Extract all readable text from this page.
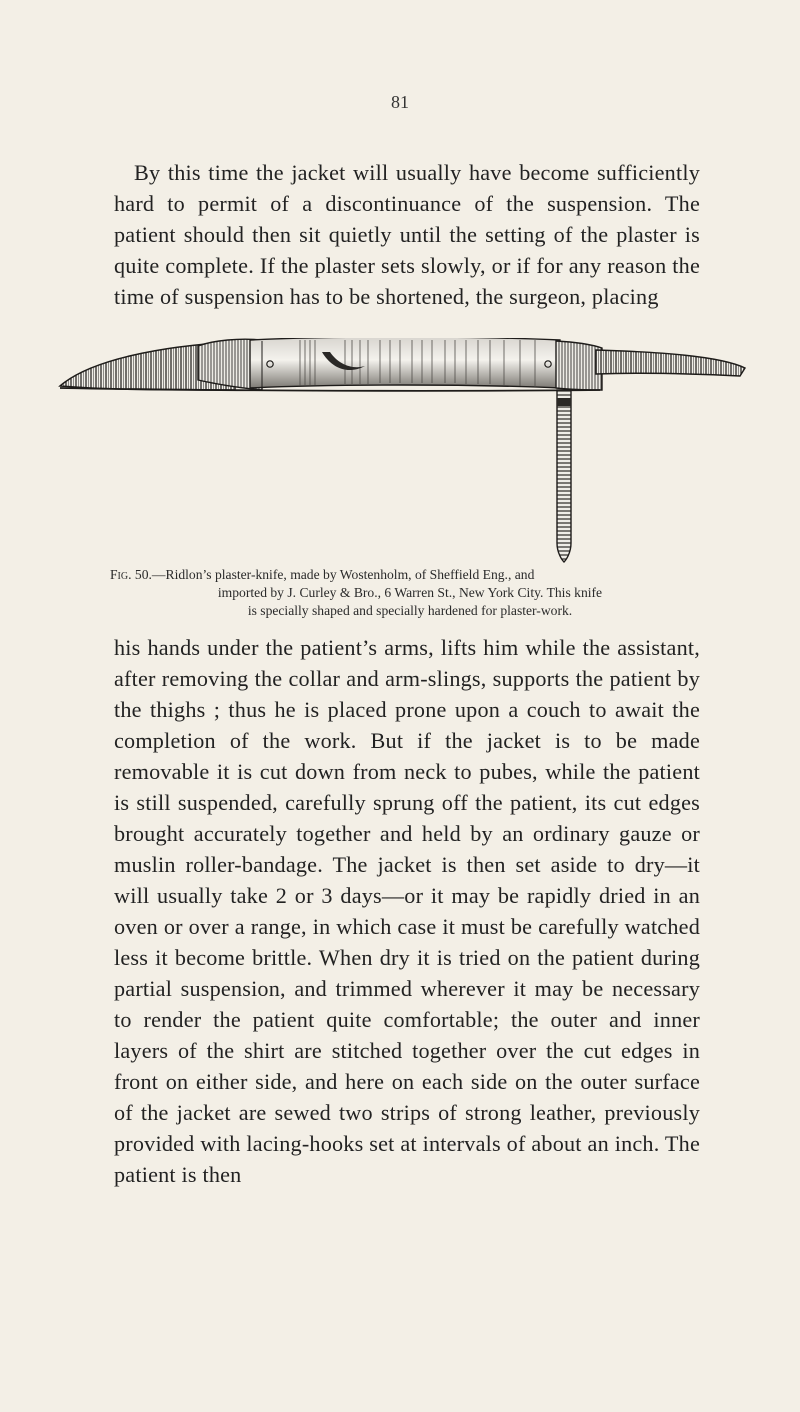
81
By this time the jacket will usually have become sufficiently hard to permit of a discontinuance of the suspension. The patient should then sit quietly until the setting of the plaster is quite complete. If the plaster sets slowly, or if for any reason the time of suspension has to be shortened, the surgeon, placing
Fig. 50.—Ridlon’s plaster-knife, made by Wostenholm, of Sheffield Eng., and
imported by J. Curley & Bro., 6 Warren St., New York City. This knife
is specially shaped and specially hardened for plaster-work.
his hands under the patient’s arms, lifts him while the assistant, after removing the collar and arm-slings, supports the patient by the thighs ; thus he is placed prone upon a couch to await the completion of the work. But if the jacket is to be made removable it is cut down from neck to pubes, while the patient is still suspended, carefully sprung off the patient, its cut edges brought accurately together and held by an ordinary gauze or muslin roller-bandage. The jacket is then set aside to dry—it will usually take 2 or 3 days—or it may be rapidly dried in an oven or over a range, in which case it must be carefully watched less it become brittle. When dry it is tried on the patient during partial suspension, and trimmed wherever it may be necessary to render the patient quite comfortable; the outer and inner layers of the shirt are stitched together over the cut edges in front on either side, and here on each side on the outer surface of the jacket are sewed two strips of strong leather, previously provided with lacing-hooks set at intervals of about an inch. The patient is then
